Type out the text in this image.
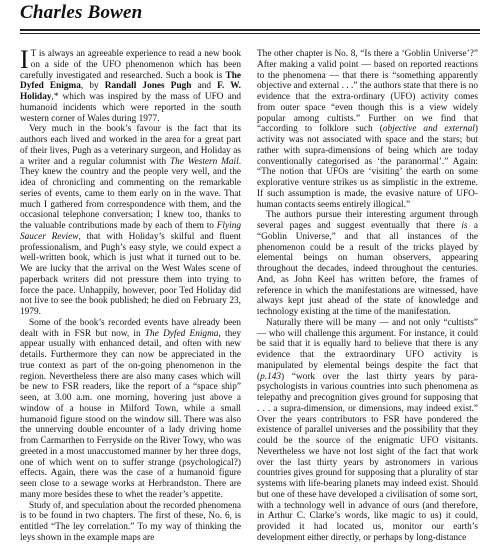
Charles Bowen

I T is always an agreeable experience to read a new book on a side of the UFO phenomenon which has been carefully investigated and researched. Such a book is The Dyfed Enigma, by Randall Jones Pugh and F. W. Holiday,* which was inspired by the mass of UFO and humanoid incidents which were reported in the south western corner of Wales during 1977.

Very much in the book’s favour is the fact that its authors each lived and worked in the area for a great part of their lives, Pugh as a veterinary surgeon, and Holiday as a writer and a regular columnist with The Western Mail. They knew the country and the people very well, and the idea of chronicling and commenting on the remarkable series of events, came to them early on in the wave. That much I gathered from correspondence with them, and the occasional telephone conversation; I knew too, thanks to the valuable contributions made by each of them to Flying Saucer Review, that with Holiday’s skilful and fluent professionalism, and Pugh’s easy style, we could expect a well-written book, which is just what it turned out to be. We are lucky that the arrival on the West Wales scene of paperback writers did not pressure them into trying to force the pace. Unhappily, however, poor Ted Holiday did not live to see the book published; he died on February 23, 1979.

Some of the book’s recorded events have already been dealt with in FSR but now, in The Dyfed Enigma, they appear usually with enhanced detail, and often with new details. Furthermore they can now be appreciated in the true context as part of the on-going phenomenon in the region. Nevertheless there are also many cases which will be new to FSR readers, like the report of a “space ship” seen, at 3.00 a.m. one morning, hovering just above a window of a house in Milford Town, while a small humanoid figure stood on the window sill. There was also the unnerving double encounter of a lady driving home from Carmarthen to Ferryside on the River Towy, who was greeted in a most unaccustomed manner by her three dogs, one of which went on to suffer strange (psychological?) effects. Again, there was the case of a humanoid figure seen close to a sewage works at Herbrandston. There are many more besides these to whet the reader’s appetite.

Study of, and speculation about the recorded phenomena is to be found in two chapters. The first of these, No. 6, is entitled “The ley correlation.” To my way of thinking the leys shown in the example maps are

The other chapter is No. 8, “Is there a ‘Goblin Universe’?” After making a valid point — based on reported reactions to the phenomena — that there is “something apparently objective and external . . .” the authors state that there is no evidence that the extra-ordinary (UFO) activity comes from outer space “even though this is a view widely popular among cultists.” Further on we find that “according to folklore such (objective and external) activity was not associated with space and the stars; but rather with supra-dimensions of being which are today conventionally categorised as ‘the paranormal’.” Again: “The notion that UFOs are ‘visiting’ the earth on some explorative venture strikes us as simplistic in the extreme. If such assumption is made, the evasive nature of UFO-human contacts seems entirely illogical.”

The authors pursue their interesting argument through several pages and suggest eventually that there is a “Goblin Universe,” and that all instances of the phenomenon could be a result of the tricks played by elemental beings on human observers, appearing throughout the decades, indeed throughout the centuries. And, as John Keel has written before, the frames of reference in which the manifestations are witnessed, have always kept just ahead of the state of knowledge and technology existing at the time of the manifestation.

Naturally there will be many — and not only “cultists” — who will challenge this argument. For instance, it could be said that it is equally hard to believe that there is any evidence that the extraordinary UFO activity is manipulated by elemental beings despite the fact that (p.143) “work over the last thirty years by para-psychologists in various countries into such phenomena as telepathy and precognition gives ground for supposing that . . . a supra-dimension, or dimensions, may indeed exist.” Over the years contributors to FSR have pondered the existence of parallel universes and the possibility that they could be the source of the enigmatic UFO visitants. Nevertheless we have not lost sight of the fact that work over the last thirty years by astronomers in various countries gives ground for supposing that a plurality of star systems with life-bearing planets may indeed exist. Should but one of these have developed a civilisation of some sort, with a technology well in advance of ours (and therefore, in Arthur C. Clarke’s words, like magic to us) it could, provided it had located us, monitor our earth’s development either directly, or perhaps by long-distance
